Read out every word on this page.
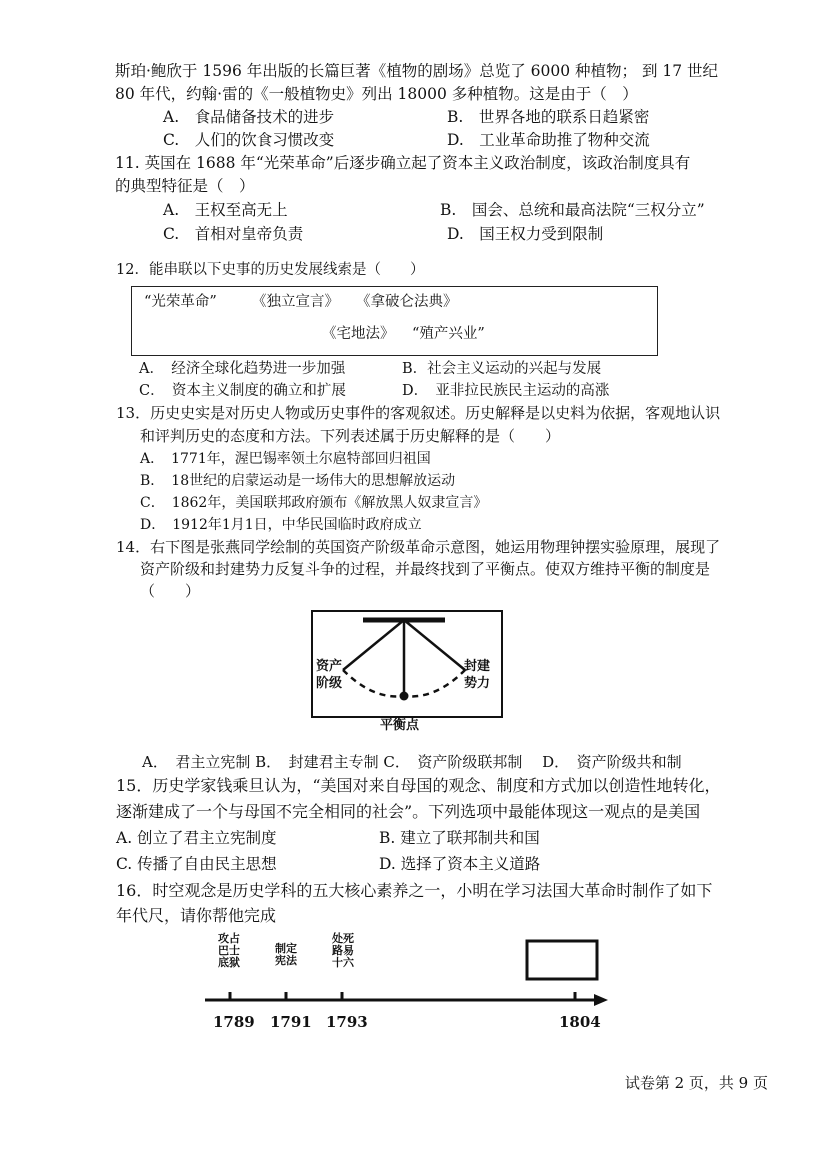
斯珀·鲍欣于 1596 年出版的长篇巨著《植物的剧场》总览了 6000 种植物； 到 17 世纪
80 年代，约翰·雷的《一般植物史》列出 18000 多种植物。这是由于（　）
A.　食品储备技术的进步	B.　世界各地的联系日趋紧密
C.　人们的饮食习惯改变	D.　工业革命助推了物种交流
11. 英国在 1688 年“光荣革命”后逐步确立起了资本主义政治制度，该政治制度具有
的典型特征是（　）
A.　王权至高无上	B.　国会、总统和最高法院“三权分立”
C.　首相对皇帝负责	D.　国王权力受到限制
12．能串联以下史事的历史发展线索是（　　）
“光荣革命” 《独立宣言》 《拿破仑法典》
《宅地法》 “殖产兴业”
A．　经济全球化趋势进一步加强	B．社会主义运动的兴起与发展
C．　资本主义制度的确立和扩展	D．　亚非拉民族民主运动的高涨
13．历史史实是对历史人物或历史事件的客观叙述。历史解释是以史料为依据，客观地认识
和评判历史的态度和方法。下列表述属于历史解释的是（　　）
A．　1771年，渥巴锡率领土尔扈特部回归祖国
B．　18世纪的启蒙运动是一场伟大的思想解放运动
C．　1862年，美国联邦政府颁布《解放黑人奴隶宣言》
D．　1912年1月1日，中华民国临时政府成立
14．右下图是张燕同学绘制的英国资产阶级革命示意图，她运用物理钟摆实验原理，展现了
资产阶级和封建势力反复斗争的过程，并最终找到了平衡点。使双方维持平衡的制度是
（　　）
资产阶级
封建势力
平衡点
A．　君主立宪制 B．　封建君主专制 C．　资产阶级联邦制　 D．　资产阶级共和制
15．历史学家钱乘旦认为，“美国对来自母国的观念、制度和方式加以创造性地转化，
逐渐建成了一个与母国不完全相同的社会”。下列选项中最能体现这一观点的是美国
A. 创立了君主立宪制度	B. 建立了联邦制共和国
C. 传播了自由民主思想	D. 选择了资本主义道路
16．时空观念是历史学科的五大核心素养之一，小明在学习法国大革命时制作了如下
年代尺，请你帮他完成
攻占巴士底狱
制定宪法
处死路易十六
1789 1791 1793	1804
试卷第 2 页，共 9 页
